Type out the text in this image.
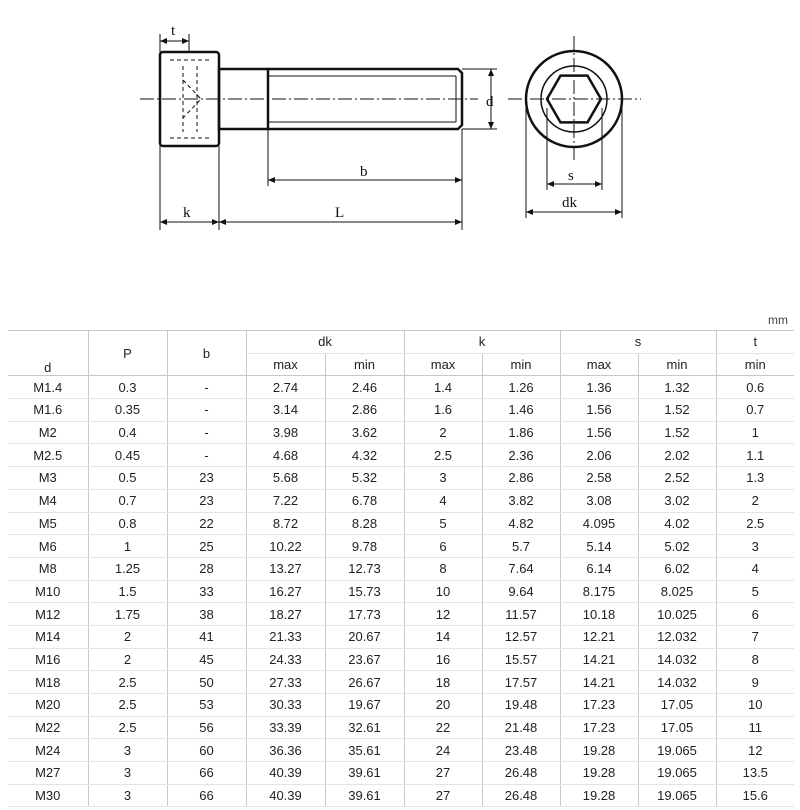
t
b
k	L
d
s
dk
mm
d	P	b	dk		k		s		t
			max	min	max	min	max	min	min
M1.4	0.3	-	2.74	2.46	1.4	1.26	1.36	1.32	0.6
M1.6	0.35	-	3.14	2.86	1.6	1.46	1.56	1.52	0.7
M2	0.4	-	3.98	3.62	2	1.86	1.56	1.52	1
M2.5	0.45	-	4.68	4.32	2.5	2.36	2.06	2.02	1.1
M3	0.5	23	5.68	5.32	3	2.86	2.58	2.52	1.3
M4	0.7	23	7.22	6.78	4	3.82	3.08	3.02	2
M5	0.8	22	8.72	8.28	5	4.82	4.095	4.02	2.5
M6	1	25	10.22	9.78	6	5.7	5.14	5.02	3
M8	1.25	28	13.27	12.73	8	7.64	6.14	6.02	4
M10	1.5	33	16.27	15.73	10	9.64	8.175	8.025	5
M12	1.75	38	18.27	17.73	12	11.57	10.18	10.025	6
M14	2	41	21.33	20.67	14	12.57	12.21	12.032	7
M16	2	45	24.33	23.67	16	15.57	14.21	14.032	8
M18	2.5	50	27.33	26.67	18	17.57	14.21	14.032	9
M20	2.5	53	30.33	19.67	20	19.48	17.23	17.05	10
M22	2.5	56	33.39	32.61	22	21.48	17.23	17.05	11
M24	3	60	36.36	35.61	24	23.48	19.28	19.065	12
M27	3	66	40.39	39.61	27	26.48	19.28	19.065	13.5
M30	3	66	40.39	39.61	27	26.48	19.28	19.065	15.6
